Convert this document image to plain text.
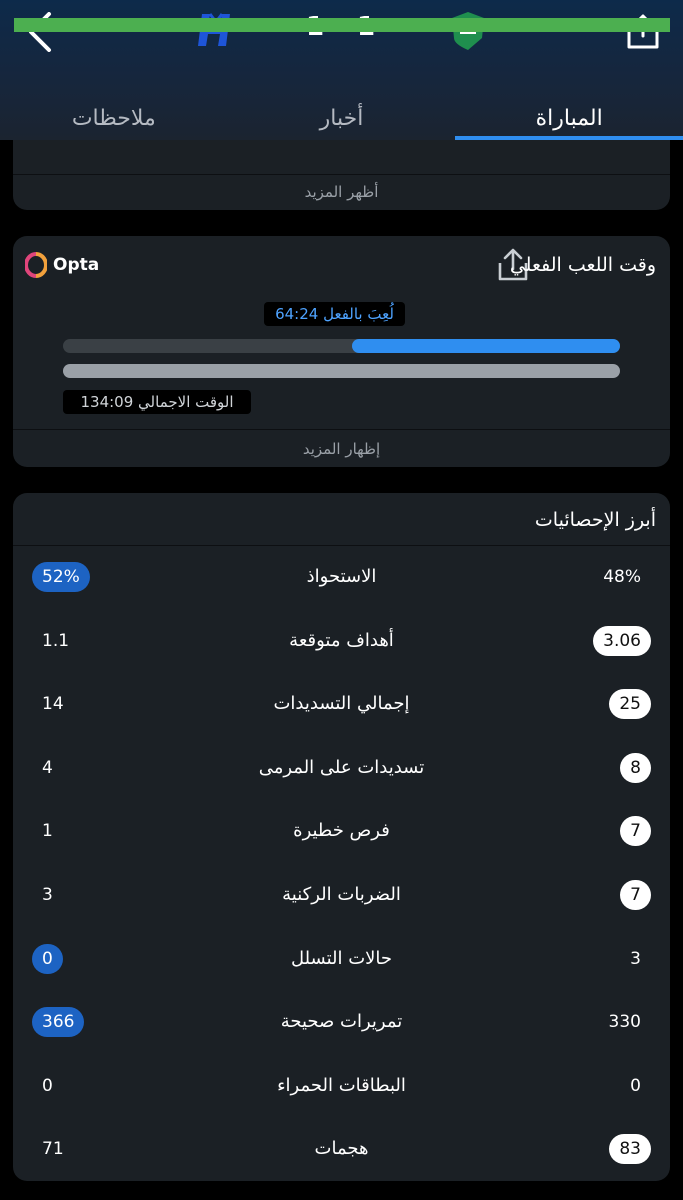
ملاحظات	أخبار	المباراة
أظهر المزيد
Opta	وقت اللعب الفعلي
لُعِبَ بالفعل 64:24
الوقت الاجمالي 134:09
إظهار المزيد
أبرز الإحصائيات
52%	الاستحواذ	48%
1.1	أهداف متوقعة	3.06
14	إجمالي التسديدات	25
4	تسديدات على المرمى	8
1	فرص خطيرة	7
3	الضربات الركنية	7
0	حالات التسلل	3
366	تمريرات صحيحة	330
0	البطاقات الحمراء	0
71	هجمات	83
